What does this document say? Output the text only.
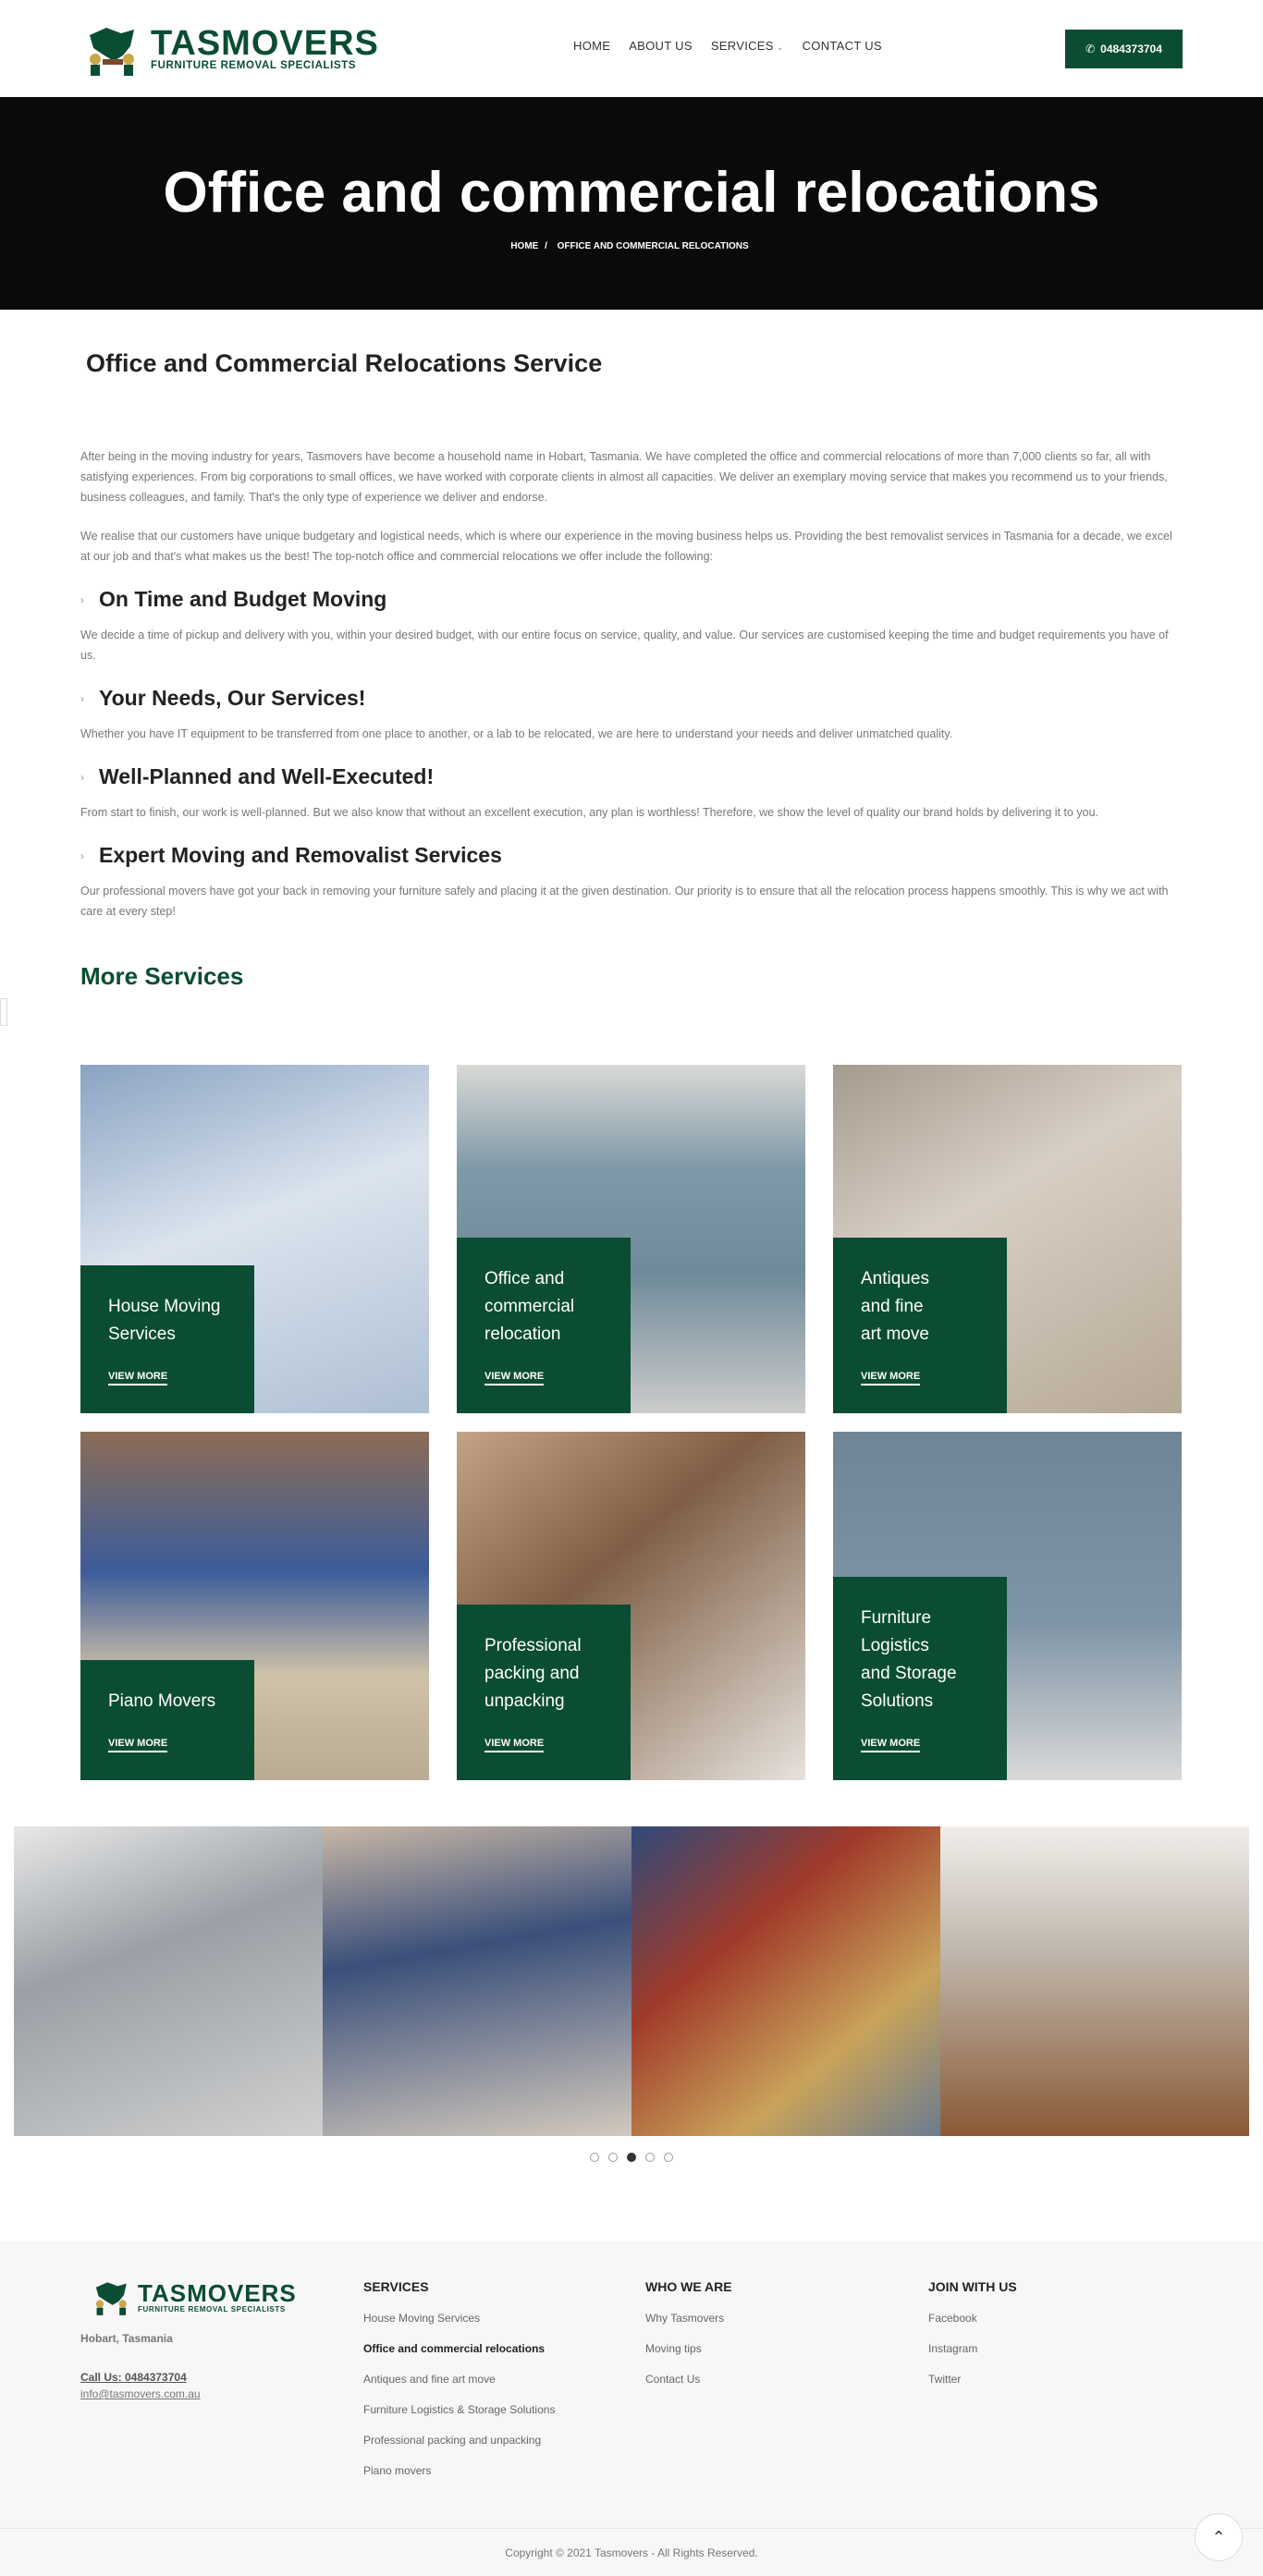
TASMOVERS
FURNITURE REMOVAL SPECIALISTS
HOME ABOUT US SERVICES ⌄ CONTACT US	✆ 0484373704
Office and commercial relocations
HOME / OFFICE AND COMMERCIAL RELOCATIONS
Office and Commercial Relocations Service

After being in the moving industry for years, Tasmovers have become a household name in Hobart, Tasmania. We have completed the office and commercial relocations of more than 7,000 clients so far, all with satisfying experiences. From big corporations to small offices, we have worked with corporate clients in almost all capacities. We deliver an exemplary moving service that makes you recommend us to your friends, business colleagues, and family. That's the only type of experience we deliver and endorse.

We realise that our customers have unique budgetary and logistical needs, which is where our experience in the moving business helps us. Providing the best removalist services in Tasmania for a decade, we excel at our job and that's what makes us the best! The top-notch office and commercial relocations we offer include the following:

› On Time and Budget Moving

We decide a time of pickup and delivery with you, within your desired budget, with our entire focus on service, quality, and value. Our services are customised keeping the time and budget requirements you have of us.

› Your Needs, Our Services!

Whether you have IT equipment to be transferred from one place to another, or a lab to be relocated, we are here to understand your needs and deliver unmatched quality.

› Well-Planned and Well-Executed!

From start to finish, our work is well-planned. But we also know that without an excellent execution, any plan is worthless! Therefore, we show the level of quality our brand holds by delivering it to you.

› Expert Moving and Removalist Services

Our professional movers have got your back in removing your furniture safely and placing it at the given destination. Our priority is to ensure that all the relocation process happens smoothly. This is why we act with care at every step!

More Services
House Moving
Services
VIEW MORE
Office and
commercial
relocation
VIEW MORE
Antiques
and fine
art move
VIEW MORE
Piano Movers
VIEW MORE
Professional
packing and
unpacking
VIEW MORE
Furniture
Logistics
and Storage
Solutions
VIEW MORE
TASMOVERS
FURNITURE REMOVAL SPECIALISTS
Hobart, Tasmania
Call Us: 0484373704
info@tasmovers.com.au
SERVICES
House Moving Services
Office and commercial relocations
Antiques and fine art move
Furniture Logistics & Storage Solutions
Professional packing and unpacking
Piano movers
WHO WE ARE
Why Tasmovers
Moving tips
Contact Us
JOIN WITH US
Facebook
Instagram
Twitter
Copyright © 2021 Tasmovers - All Rights Reserved.
⌃
